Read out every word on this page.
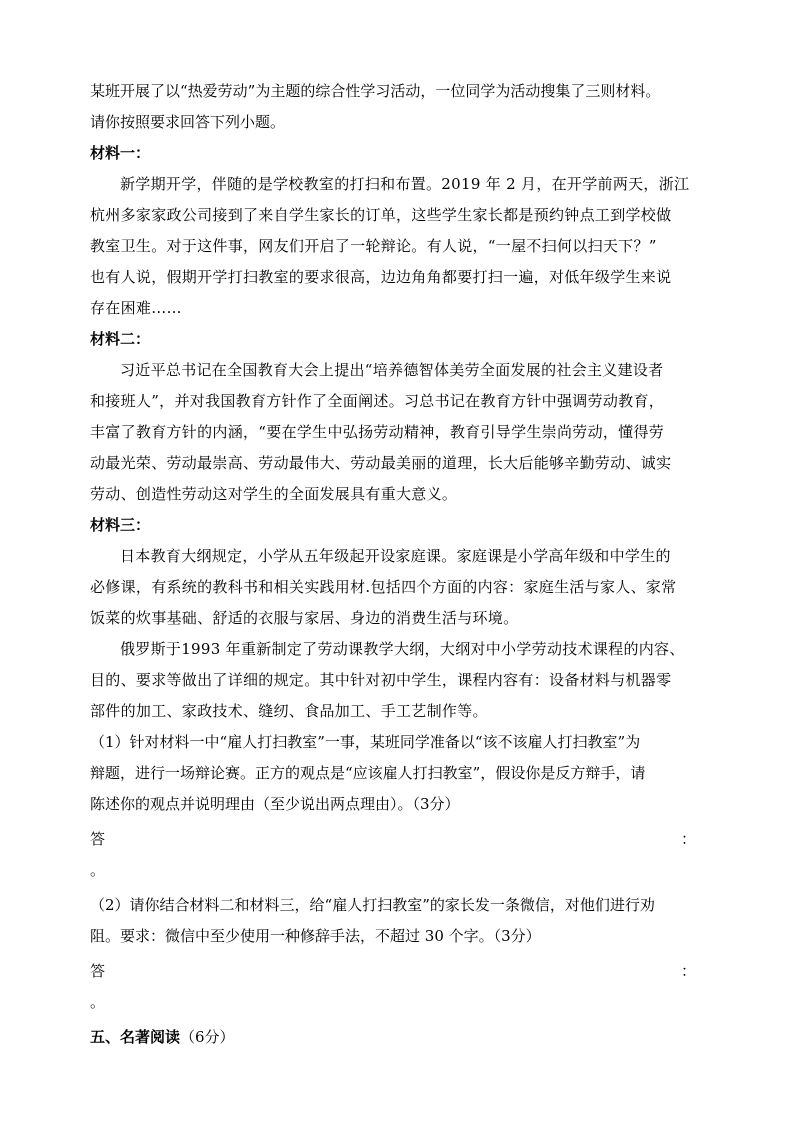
某班开展了以“热爱劳动”为主题的综合性学习活动，一位同学为活动搜集了三则材料。
请你按照要求回答下列小题。
材料一：
新学期开学，伴随的是学校教室的打扫和布置。2019 年 2 月，在开学前两天，浙江
杭州多家家政公司接到了来自学生家长的订单，这些学生家长都是预约钟点工到学校做
教室卫生。对于这件事，网友们开启了一轮辩论。有人说，“一屋不扫何以扫天下？”
也有人说，假期开学打扫教室的要求很高，边边角角都要打扫一遍，对低年级学生来说
存在困难……
材料二：
习近平总书记在全国教育大会上提出“培养德智体美劳全面发展的社会主义建设者
和接班人”，并对我国教育方针作了全面阐述。习总书记在教育方针中强调劳动教育，
丰富了教育方针的内涵，“要在学生中弘扬劳动精神，教育引导学生崇尚劳动，懂得劳
动最光荣、劳动最崇高、劳动最伟大、劳动最美丽的道理，长大后能够辛勤劳动、诚实
劳动、创造性劳动这对学生的全面发展具有重大意义。
材料三：
日本教育大纲规定，小学从五年级起开设家庭课。家庭课是小学高年级和中学生的
必修课，有系统的教科书和相关实践用材.包括四个方面的内容：家庭生活与家人、家常
饭菜的炊事基础、舒适的衣服与家居、身边的消费生活与环境。
俄罗斯于1993 年重新制定了劳动课教学大纲，大纲对中小学劳动技术课程的内容、
目的、要求等做出了详细的规定。其中针对初中学生，课程内容有：设备材料与机器零
部件的加工、家政技术、缝纫、食品加工、手工艺制作等。
（1）针对材料一中“雇人打扫教室”一事，某班同学准备以“该不该雇人打扫教室”为
辩题，进行一场辩论赛。正方的观点是“应该雇人打扫教室”，假设你是反方辩手，请
陈述你的观点并说明理由（至少说出两点理由）。（3分）
答	：
。
（2）请你结合材料二和材料三，给“雇人打扫教室”的家长发一条微信，对他们进行劝
阻。要求：微信中至少使用一种修辞手法，不超过 30 个字。（3分）
答	：
。
五、名著阅读（6分）
